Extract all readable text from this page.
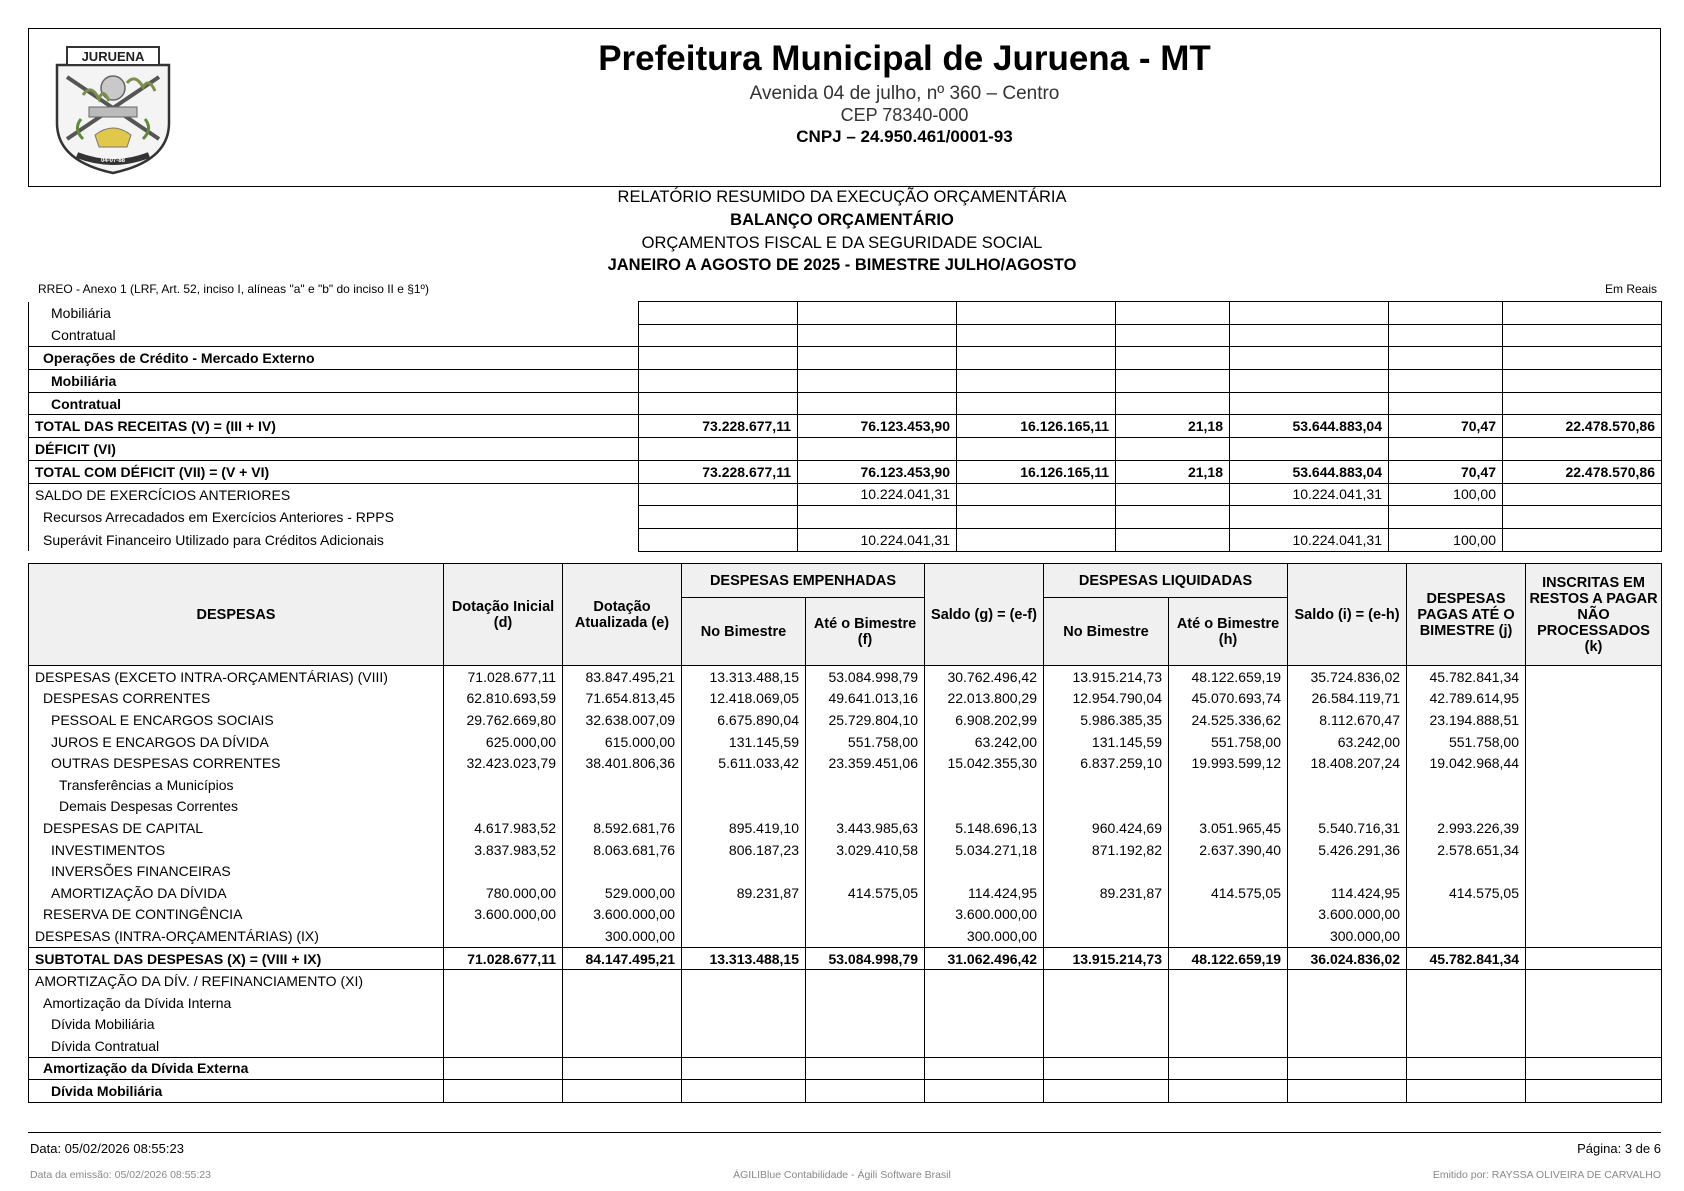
JURUENA
04-07-88
Prefeitura Municipal de Juruena - MT
Avenida 04 de julho, nº 360 – Centro
CEP 78340-000
CNPJ – 24.950.461/0001-93
RELATÓRIO RESUMIDO DA EXECUÇÃO ORÇAMENTÁRIA
BALANÇO ORÇAMENTÁRIO
ORÇAMENTOS FISCAL E DA SEGURIDADE SOCIAL
JANEIRO A AGOSTO DE 2025 - BIMESTRE JULHO/AGOSTO
RREO - Anexo 1 (LRF, Art. 52, inciso I, alíneas "a" e "b" do inciso II e §1º)	Em Reais
Mobiliária							
Contratual							
Operações de Crédito - Mercado Externo							
Mobiliária							
Contratual							
TOTAL DAS RECEITAS (V) = (III + IV)	73.228.677,11	76.123.453,90	16.126.165,11	21,18	53.644.883,04	70,47	22.478.570,86
DÉFICIT (VI)							
TOTAL COM DÉFICIT (VII) = (V + VI)	73.228.677,11	76.123.453,90	16.126.165,11	21,18	53.644.883,04	70,47	22.478.570,86
SALDO DE EXERCÍCIOS ANTERIORES		10.224.041,31			10.224.041,31	100,00	
Recursos Arrecadados em Exercícios Anteriores - RPPS							
Superávit Financeiro Utilizado para Créditos Adicionais		10.224.041,31			10.224.041,31	100,00	
DESPESAS	Dotação Inicial (d)	Dotação Atualizada (e)	DESPESAS EMPENHADAS		Saldo (g) = (e-f)	DESPESAS LIQUIDADAS		Saldo (i) = (e-h)	DESPESAS PAGAS ATÉ O BIMESTRE (j)	INSCRITAS EM RESTOS A PAGAR NÃO PROCESSADOS (k)
			No Bimestre	Até o Bimestre (f)		No Bimestre	Até o Bimestre (h)			
DESPESAS (EXCETO INTRA-ORÇAMENTÁRIAS) (VIII)	71.028.677,11	83.847.495,21	13.313.488,15	53.084.998,79	30.762.496,42	13.915.214,73	48.122.659,19	35.724.836,02	45.782.841,34	
DESPESAS CORRENTES	62.810.693,59	71.654.813,45	12.418.069,05	49.641.013,16	22.013.800,29	12.954.790,04	45.070.693,74	26.584.119,71	42.789.614,95	
PESSOAL E ENCARGOS SOCIAIS	29.762.669,80	32.638.007,09	6.675.890,04	25.729.804,10	6.908.202,99	5.986.385,35	24.525.336,62	8.112.670,47	23.194.888,51	
JUROS E ENCARGOS DA DÍVIDA	625.000,00	615.000,00	131.145,59	551.758,00	63.242,00	131.145,59	551.758,00	63.242,00	551.758,00	
OUTRAS DESPESAS CORRENTES	32.423.023,79	38.401.806,36	5.611.033,42	23.359.451,06	15.042.355,30	6.837.259,10	19.993.599,12	18.408.207,24	19.042.968,44	
Transferências a Municípios										
Demais Despesas Correntes										
DESPESAS DE CAPITAL	4.617.983,52	8.592.681,76	895.419,10	3.443.985,63	5.148.696,13	960.424,69	3.051.965,45	5.540.716,31	2.993.226,39	
INVESTIMENTOS	3.837.983,52	8.063.681,76	806.187,23	3.029.410,58	5.034.271,18	871.192,82	2.637.390,40	5.426.291,36	2.578.651,34	
INVERSÕES FINANCEIRAS										
AMORTIZAÇÃO DA DÍVIDA	780.000,00	529.000,00	89.231,87	414.575,05	114.424,95	89.231,87	414.575,05	114.424,95	414.575,05	
RESERVA DE CONTINGÊNCIA	3.600.000,00	3.600.000,00			3.600.000,00			3.600.000,00		
DESPESAS (INTRA-ORÇAMENTÁRIAS) (IX)		300.000,00			300.000,00			300.000,00		
SUBTOTAL DAS DESPESAS (X) = (VIII + IX)	71.028.677,11	84.147.495,21	13.313.488,15	53.084.998,79	31.062.496,42	13.915.214,73	48.122.659,19	36.024.836,02	45.782.841,34	
AMORTIZAÇÃO DA DÍV. / REFINANCIAMENTO (XI)										
Amortização da Dívida Interna										
Dívida Mobiliária										
Dívida Contratual										
Amortização da Dívida Externa										
Dívida Mobiliária										
Data: 05/02/2026 08:55:23	Página: 3 de 6
Data da emissão: 05/02/2026 08:55:23	ÁGILIBlue Contabilidade - Ágili Software Brasil	Emitido por: RAYSSA OLIVEIRA DE CARVALHO
